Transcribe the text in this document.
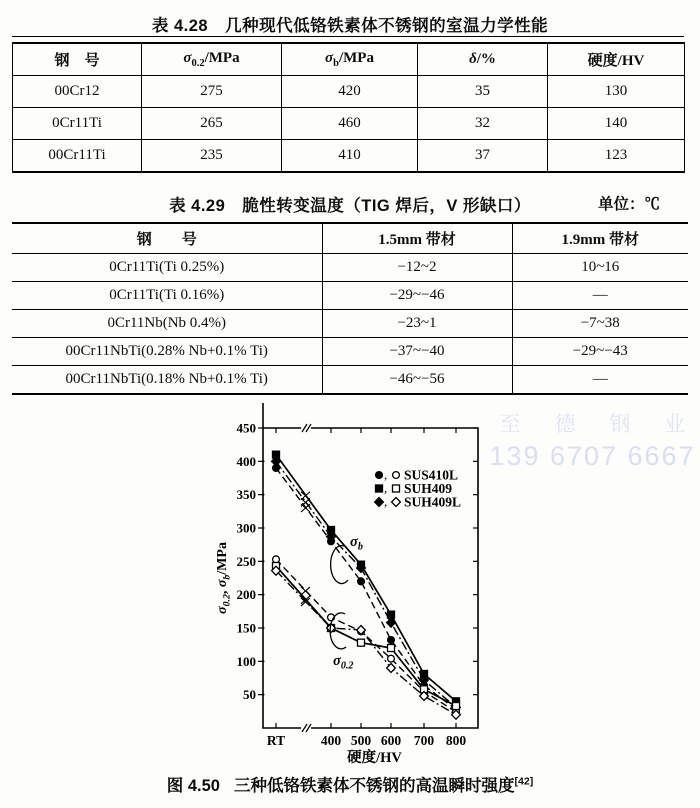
表 4.28　几种现代低铬铁素体不锈钢的室温力学性能
钢　号	$\sigma_{0.2}$/MPa	$\sigma_b$/MPa	δ/%	硬度/HV
00Cr12	275	420	35	130
0Cr11Ti	265	460	32	140
00Cr11Ti	235	410	37	123
表 4.29　脆性转变温度（TIG 焊后，V 形缺口）	单位：℃
钢　　号	1.5mm 带材	1.9mm 带材
0Cr11Ti(Ti 0.25%)	−12~2	10~16
0Cr11Ti(Ti 0.16%)	−29~−46	—
0Cr11Nb(Nb 0.4%)	−23~1	−7~38
00Cr11NbTi(0.28% Nb+0.1% Ti)	−37~−40	−29~−43
00Cr11NbTi(0.18% Nb+0.1% Ti)	−46~−56	—
至 德 钢 业
139 6707 6667
50
100
150
200
250
300
350
400
450
RT	400 500 600 700 800
硬度/HV
$\sigma_{0.2}$, $\sigma_b$/MPa
, SUS410L
, SUH409
, SUH409L
$\sigma_b$
$\sigma_{0.2}$
图 4.50 三种低铬铁素体不锈钢的高温瞬时强度[42]
